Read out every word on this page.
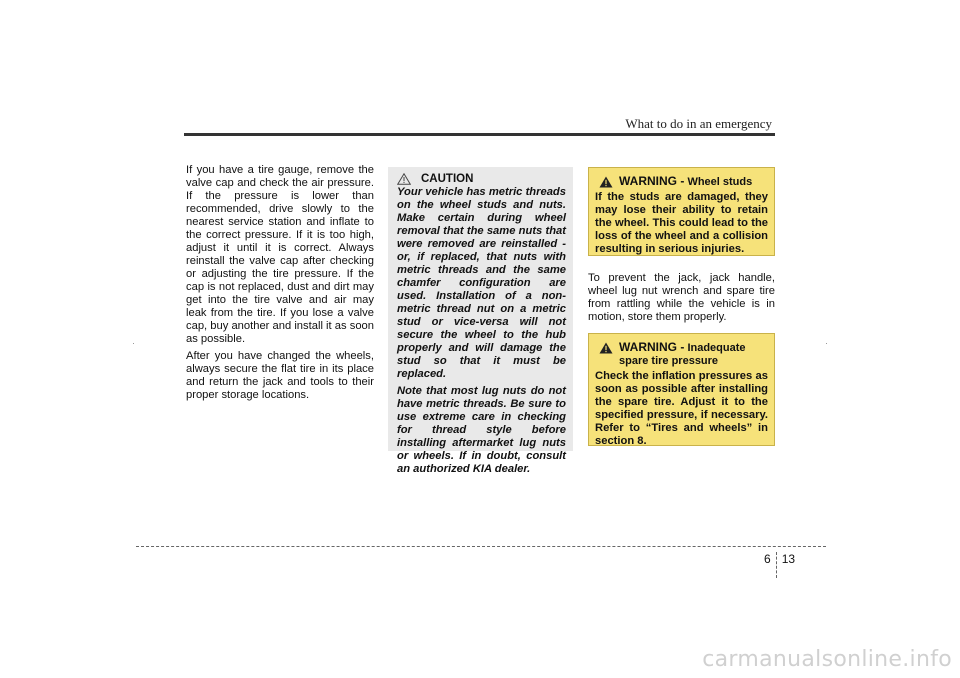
What to do in an emergency

If you have a tire gauge, remove the valve cap and check the air pressure. If the pressure is lower than recommended, drive slowly to the nearest service station and inflate to the correct pressure. If it is too high, adjust it until it is correct. Always reinstall the valve cap after checking or adjusting the tire pressure. If the cap is not replaced, dust and dirt may get into the tire valve and air may leak from the tire. If you lose a valve cap, buy another and install it as soon as possible.

After you have changed the wheels, always secure the flat tire in its place and return the jack and tools to their proper storage locations.

CAUTION

Your vehicle has metric threads on the wheel studs and nuts. Make certain during wheel removal that the same nuts that were removed are reinstalled - or, if replaced, that nuts with metric threads and the same chamfer configuration are used. Installation of a non-metric thread nut on a metric stud or vice-versa will not secure the wheel to the hub properly and will damage the stud so that it must be replaced.

Note that most lug nuts do not have metric threads. Be sure to use extreme care in checking for thread style before installing aftermarket lug nuts or wheels. If in doubt, consult an authorized KIA dealer.

WARNING - Wheel studs
If the studs are damaged, they may lose their ability to retain the wheel. This could lead to the loss of the wheel and a collision resulting in serious injuries.

To prevent the jack, jack handle, wheel lug nut wrench and spare tire from rattling while the vehicle is in motion, store them properly.

WARNING - Inadequate spare tire pressure
Check the inflation pressures as soon as possible after installing the spare tire. Adjust it to the specified pressure, if necessary. Refer to “Tires and wheels” in section 8.
6 13
carmanualsonline.info
